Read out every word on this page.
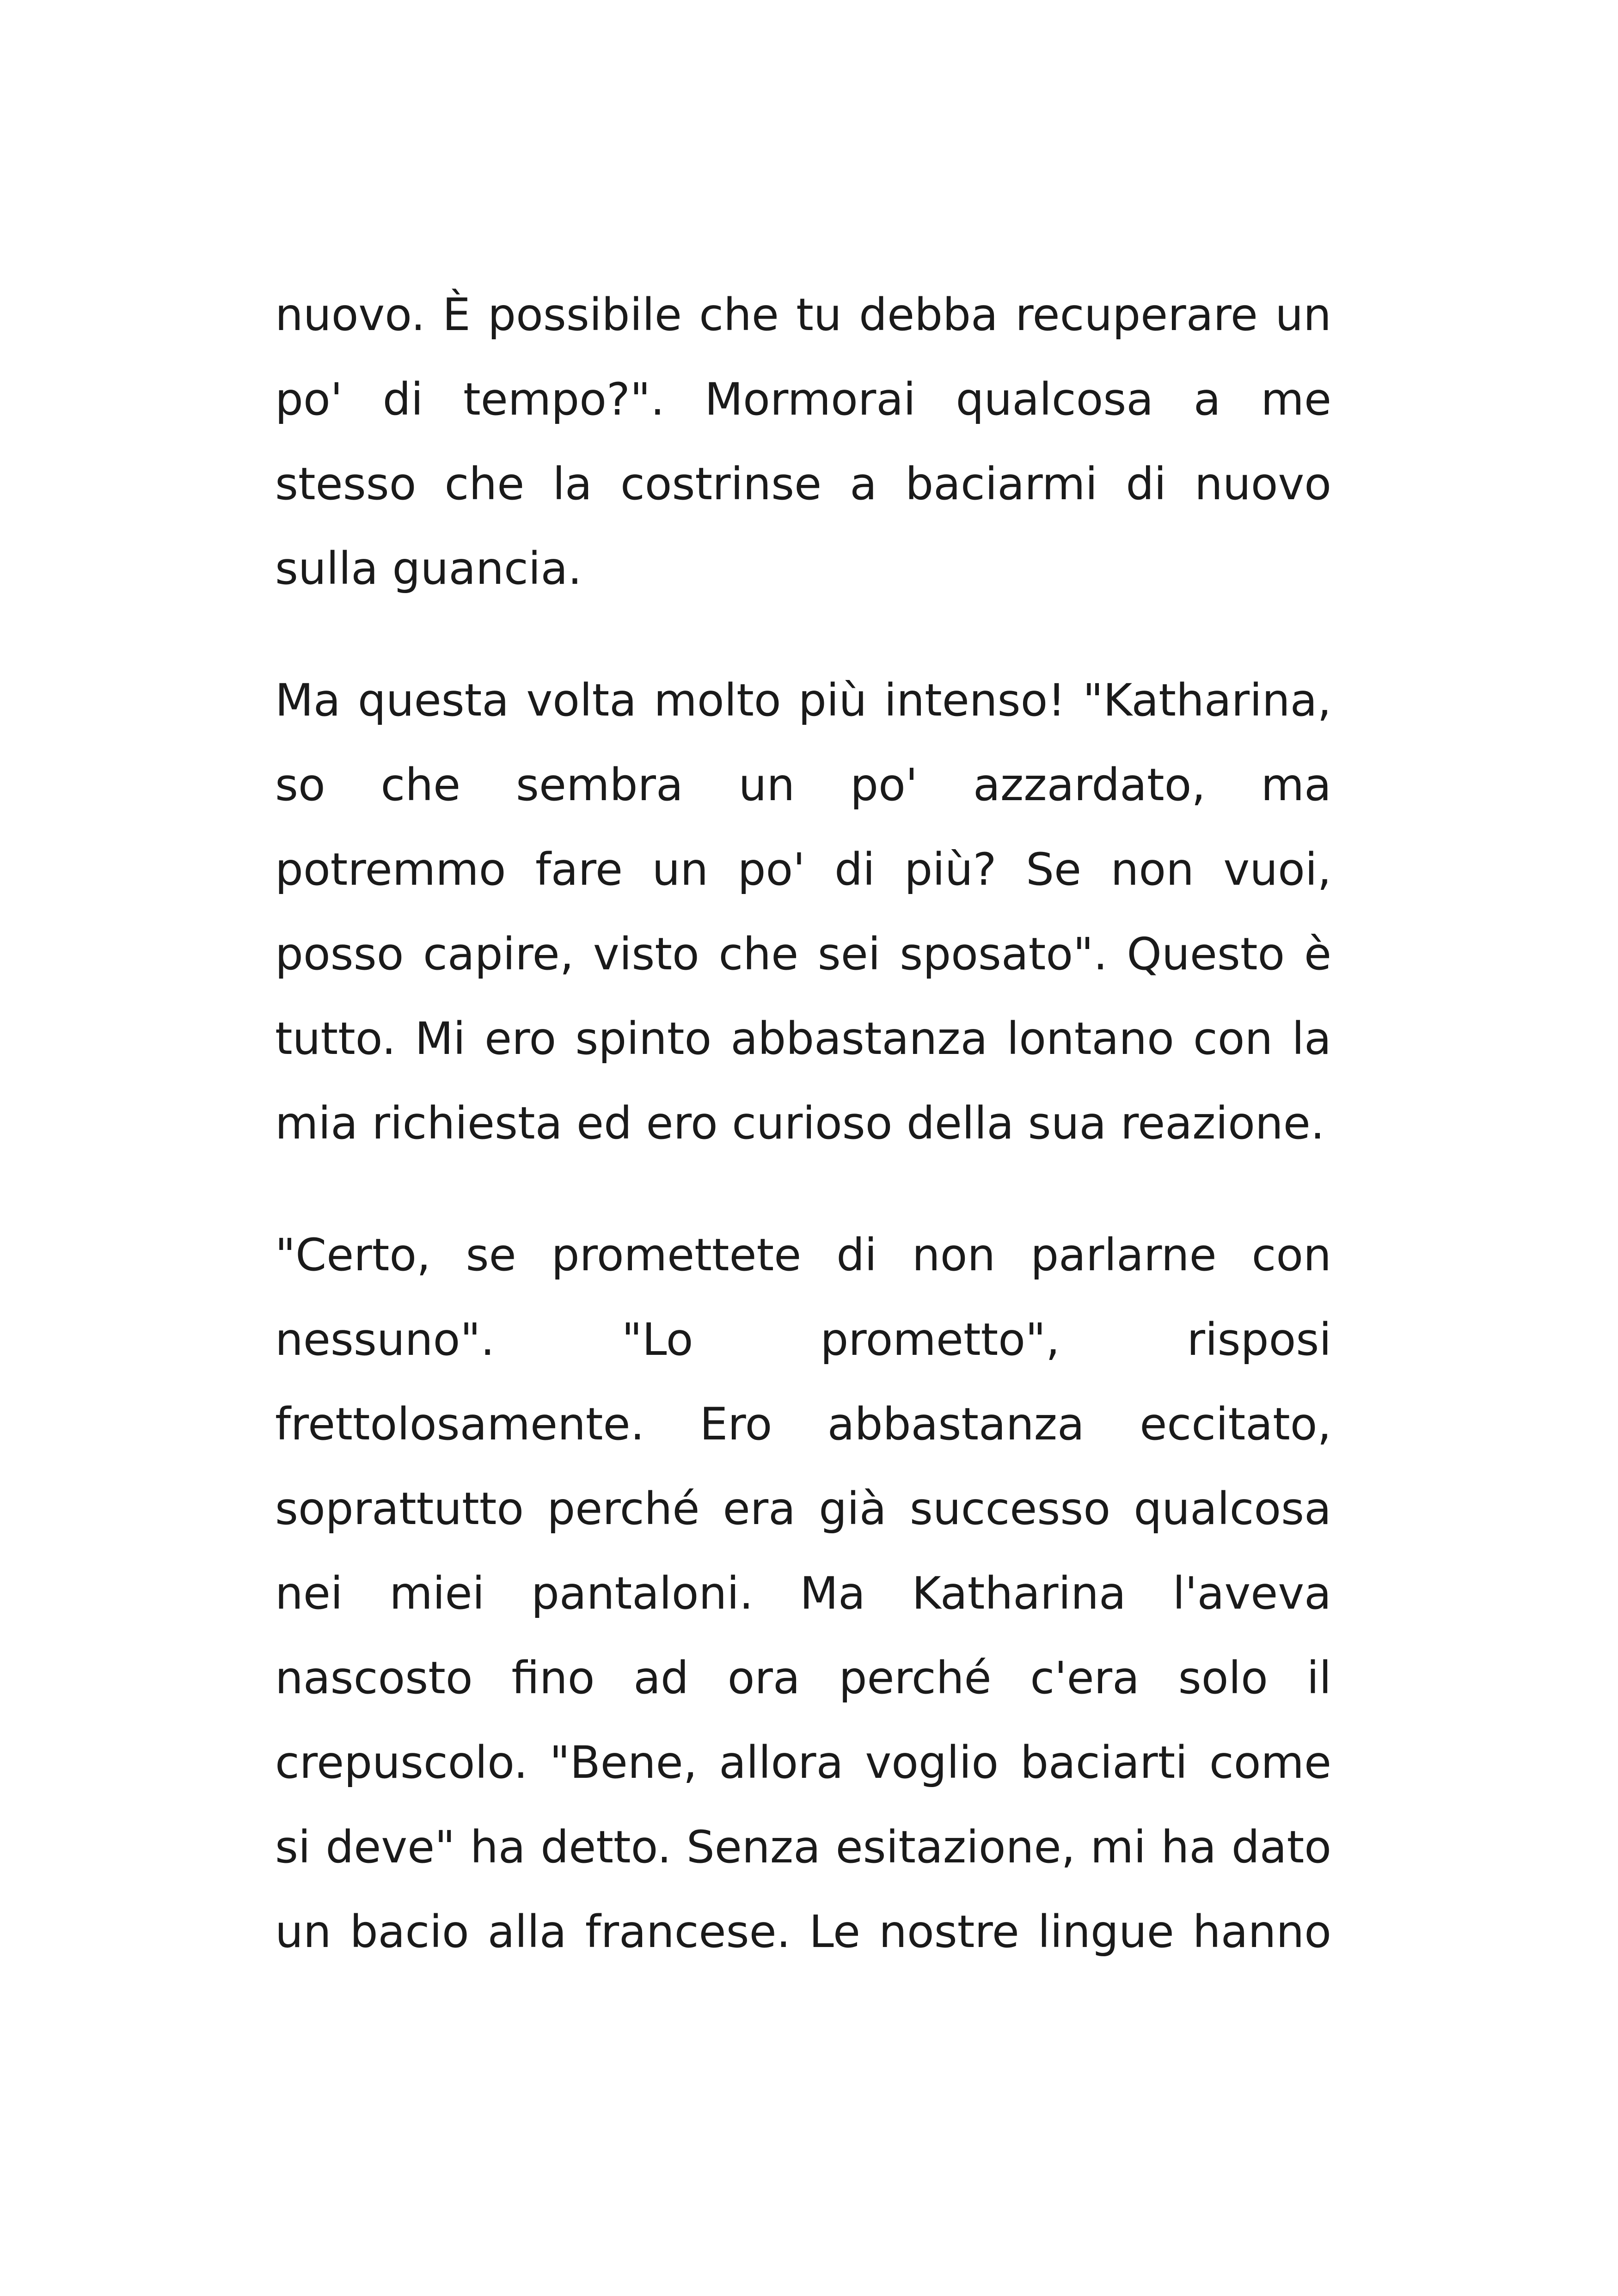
nuovo. È possibile che tu debba recuperare un
po' di tempo?". Mormorai qualcosa a me
stesso che la costrinse a baciarmi di nuovo
sulla guancia.
Ma questa volta molto più intenso! "Katharina,
so che sembra un po' azzardato, ma
potremmo fare un po' di più? Se non vuoi,
posso capire, visto che sei sposato". Questo è
tutto. Mi ero spinto abbastanza lontano con la
mia richiesta ed ero curioso della sua reazione.
"Certo, se promettete di non parlarne con
nessuno". "Lo prometto", risposi
frettolosamente. Ero abbastanza eccitato,
soprattutto perché era già successo qualcosa
nei miei pantaloni. Ma Katharina l'aveva
nascosto fino ad ora perché c'era solo il
crepuscolo. "Bene, allora voglio baciarti come
si deve" ha detto. Senza esitazione, mi ha dato
un bacio alla francese. Le nostre lingue hanno
